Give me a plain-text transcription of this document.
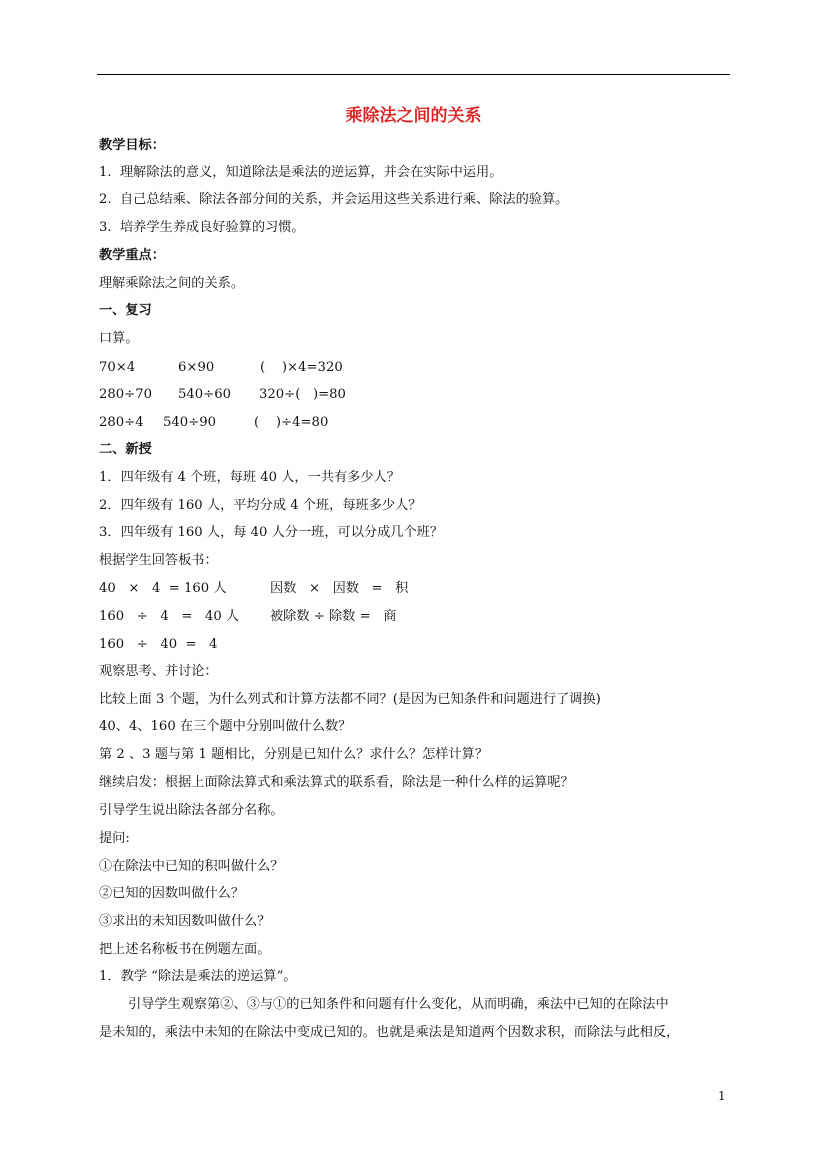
乘除法之间的关系
教学目标：
1.  理解除法的意义，知道除法是乘法的逆运算，并会在实际中运用。
2.  自己总结乘、除法各部分间的关系，并会运用这些关系进行乘、除法的验算。
3.  培养学生养成良好验算的习惯。
教学重点：
理解乘除法之间的关系。
一、复习
口算。
70×4	6×90	(    )×4=320
280÷70 540÷60 320÷(   )=80
280÷4 540÷90	(    )÷4=80
二、新授
1．四年级有 4 个班，每班 40 人，一共有多少人？
2．四年级有 160 人，平均分成 4 个班，每班多少人？
3．四年级有 160 人，每 40 人分一班，可以分成几个班？
根据学生回答板书：
40   ×   4  = 160 人	因数   ×   因数   =   积
160   ÷   4   =   40 人 被除数 ÷ 除数 =   商
160   ÷   40  =   4
观察思考、并讨论：
比较上面 3 个题，为什么列式和计算方法都不同？(是因为已知条件和问题进行了调换)
40、4、160 在三个题中分别叫做什么数？
第 2 、3 题与第 1 题相比，分别是已知什么？求什么？怎样计算？
继续启发：根据上面除法算式和乘法算式的联系看，除法是一种什么样的运算呢？
引导学生说出除法各部分名称。
提问:
①在除法中已知的积叫做什么？
②已知的因数叫做什么？
③求出的未知因数叫做什么？
把上述名称板书在例题左面。
1．教学 “除法是乘法的逆运算”。
引导学生观察第②、③与①的已知条件和问题有什么变化，从而明确，乘法中已知的在除法中
是未知的，乘法中未知的在除法中变成已知的。也就是乘法是知道两个因数求积，而除法与此相反，
1
